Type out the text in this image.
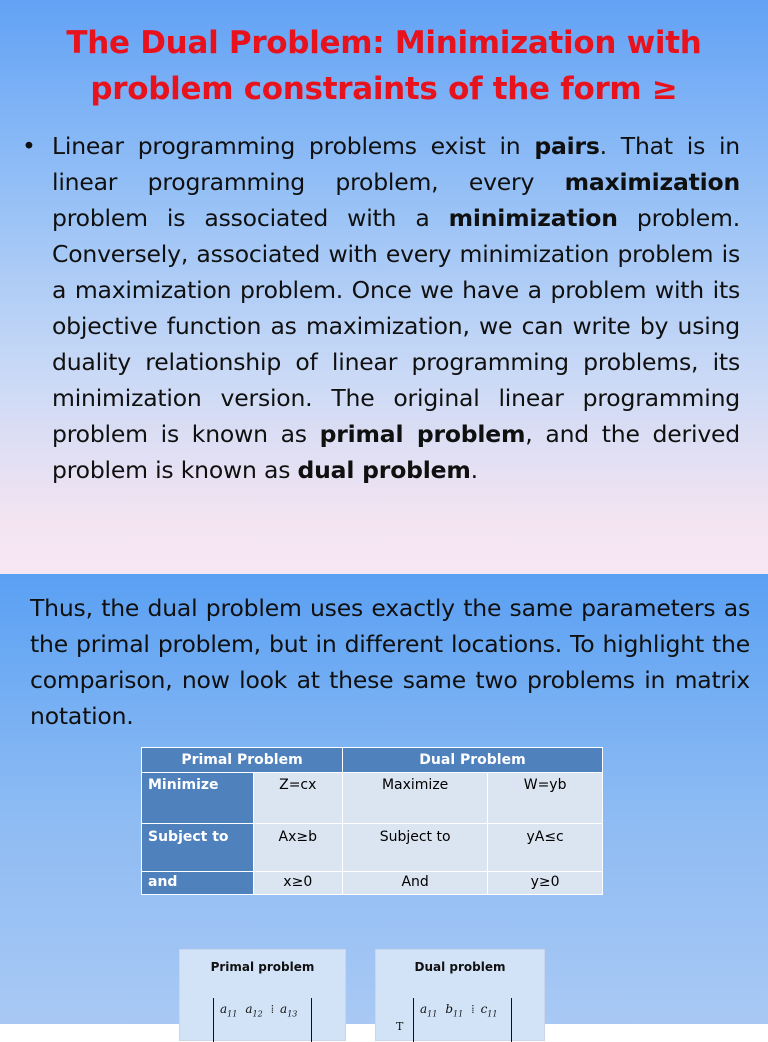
The Dual Problem: Minimization with
problem constraints of the form ≥
• Linear programming problems exist in pairs. That is in linear programming problem, every maximization problem is associated with a minimization problem. Conversely, associated with every minimization problem is a maximization problem. Once we have a problem with its objective function as maximization, we can write by using duality relationship of linear programming problems, its minimization version. The original linear programming problem is known as primal problem, and the derived problem is known as dual problem.

Thus, the dual problem uses exactly the same parameters as the primal problem, but in different locations. To highlight the comparison, now look at these same two problems in matrix notation.

Primal Problem		Dual Problem	
Minimize	Z=cx	Maximize	W=yb
Subject to	Ax≥b	Subject to	yA≤c
and	x≥0	And	y≥0
Primal problem
$a_{11}$ $a_{12}$ ⁞ $a_{13}$
Dual problem
T
$a_{11}$ $b_{11}$ ⁞ $c_{11}$
